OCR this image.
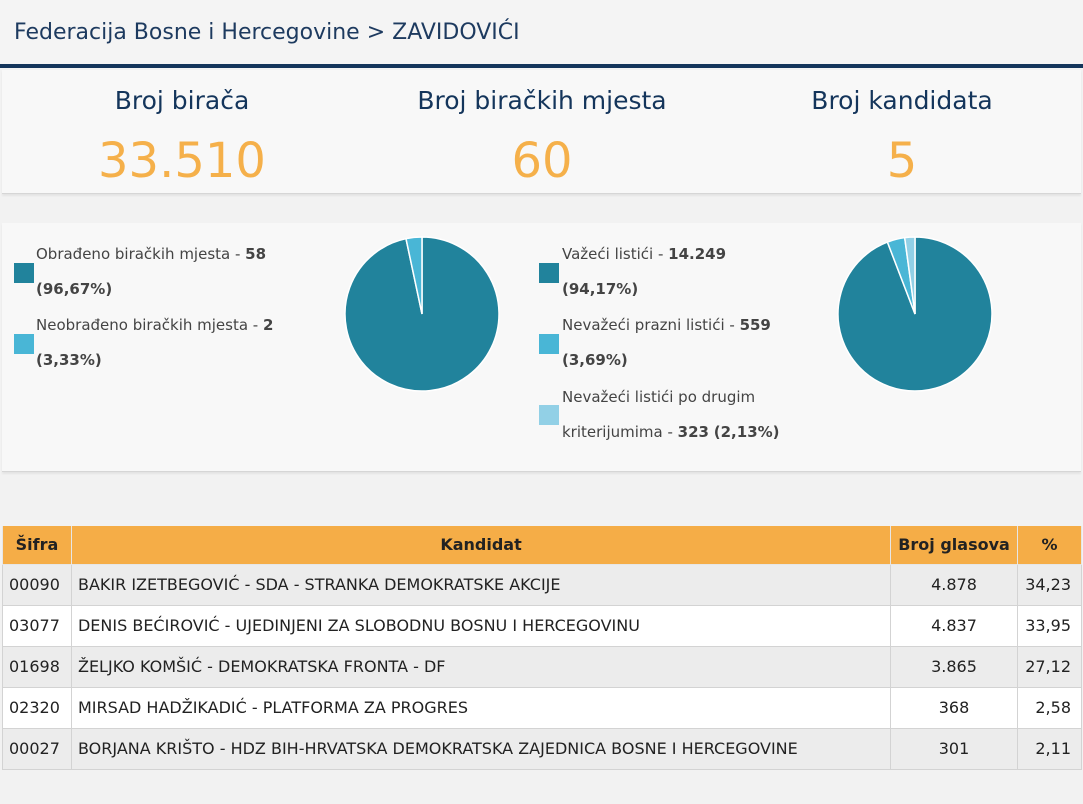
Federacija Bosne i Hercegovine > ZAVIDOVIĆI
Broj birača
33.510
Broj biračkih mjesta
60
Broj kandidata
5
Obrađeno biračkih mjesta - 58
(96,67%)
Neobrađeno biračkih mjesta - 2
(3,33%)
Važeći listići - 14.249
(94,17%)
Nevažeći prazni listići - 559
(3,69%)
Nevažeći listići po drugim
kriterijumima - 323 (2,13%)
Šifra	Kandidat	Broj glasova	%
00090	BAKIR IZETBEGOVIĆ - SDA - STRANKA DEMOKRATSKE AKCIJE	4.878	34,23
03077	DENIS BEĆIROVIĆ - UJEDINJENI ZA SLOBODNU BOSNU I HERCEGOVINU	4.837	33,95
01698	ŽELJKO KOMŠIĆ - DEMOKRATSKA FRONTA - DF	3.865	27,12
02320	MIRSAD HADŽIKADIĆ - PLATFORMA ZA PROGRES	368	2,58
00027	BORJANA KRIŠTO - HDZ BIH-HRVATSKA DEMOKRATSKA ZAJEDNICA BOSNE I HERCEGOVINE	301	2,11
